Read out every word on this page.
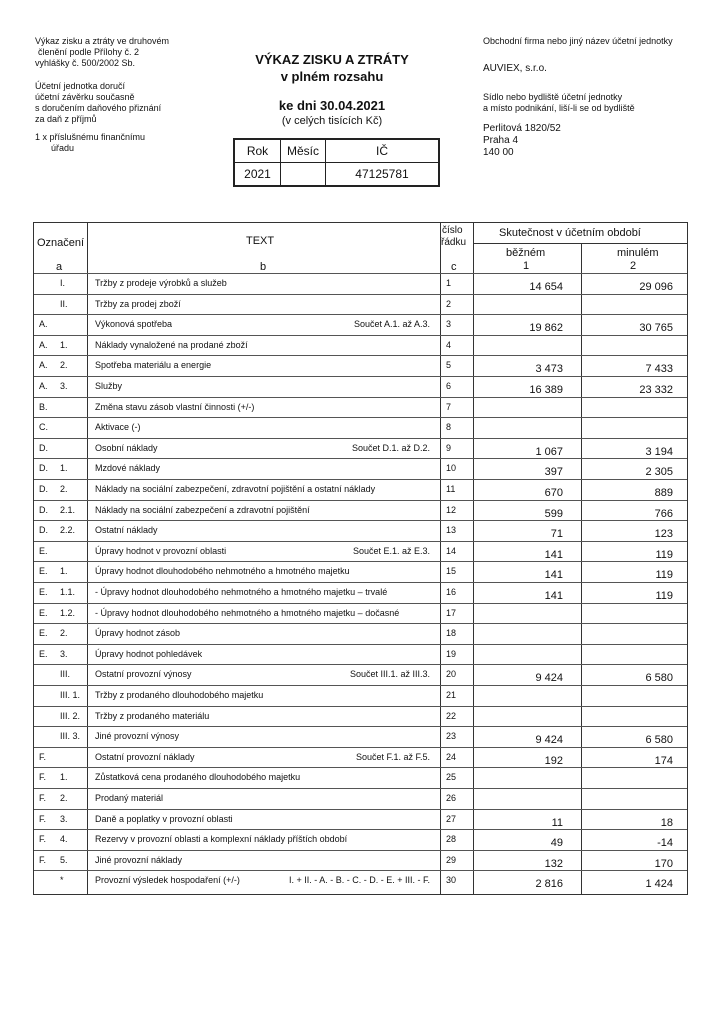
Výkaz zisku a ztráty ve druhovém
členění podle Přílohy č. 2
vyhlášky č. 500/2002 Sb.

Účetní jednotka doručí
účetní závěrku současně
s doručením daňového přiznání
za daň z příjmů

1 x příslušnému finančnímu
úřadu

VÝKAZ ZISKU A ZTRÁTY
v plném rozsahu
ke dni 30.04.2021
(v celých tisících Kč)
Rok	Měsíc	IČ
2021		47125781
Obchodní firma nebo jiný název účetní jednotky
AUVIEX, s.r.o.
Sídlo nebo bydliště účetní jednotky
a místo podnikání, liší-li se od bydliště
Perlitová 1820/52
Praha 4
140 00
Označení
a
TEXT
b
číslo
řádku
c
Skutečnost v účetním období
běžném
1
minulém
2
I.	Tržby z prodeje výrobků a služeb	1	14 654	29 096
II.	Tržby za prodej zboží	2
A.	Výkonová spotřeba	Součet A.1. až A.3. 3	19 862	30 765
A. 1.	Náklady vynaložené na prodané zboží	4
A. 2.	Spotřeba materiálu a energie	5	3 473	7 433
A. 3.	Služby	6	16 389	23 332
B.	Změna stavu zásob vlastní činnosti (+/-)	7
C.	Aktivace (-)	8
D.	Osobní náklady	Součet D.1. až D.2. 9	1 067	3 194
D. 1.	Mzdové náklady	10	397	2 305
D. 2.	Náklady na sociální zabezpečení, zdravotní pojištění a ostatní náklady	11	670	889
D. 2.1. Náklady na sociální zabezpečení a zdravotní pojištění	12	599	766
D. 2.2. Ostatní náklady	13	71	123
E.	Úpravy hodnot v provozní oblasti	Součet E.1. až E.3. 14	141	119
E. 1.	Úpravy hodnot dlouhodobého nehmotného a hmotného majetku	15	141	119
E. 1.1. - Úpravy hodnot dlouhodobého nehmotného a hmotného majetku – trvalé	16	141	119
E. 1.2. - Úpravy hodnot dlouhodobého nehmotného a hmotného majetku – dočasné	17
E. 2.	Úpravy hodnot zásob	18
E. 3.	Úpravy hodnot pohledávek	19
III.	Ostatní provozní výnosy	Součet III.1. až III.3. 20	9 424	6 580
III. 1. Tržby z prodaného dlouhodobého majetku	21
III. 2. Tržby z prodaného materiálu	22
III. 3. Jiné provozní výnosy	23	9 424	6 580
F.	Ostatní provozní náklady	Součet F.1. až F.5. 24	192	174
F. 1.	Zůstatková cena prodaného dlouhodobého majetku	25
F. 2.	Prodaný materiál	26
F. 3.	Daně a poplatky v provozní oblasti	27	11	18
F. 4.	Rezervy v provozní oblasti a komplexní náklady příštích období	28	49	-14
F. 5.	Jiné provozní náklady	29	132	170
*	Provozní výsledek hospodaření (+/-)	I. + II. - A. - B. - C. - D. - E. + III. - F. 30	2 816	1 424
